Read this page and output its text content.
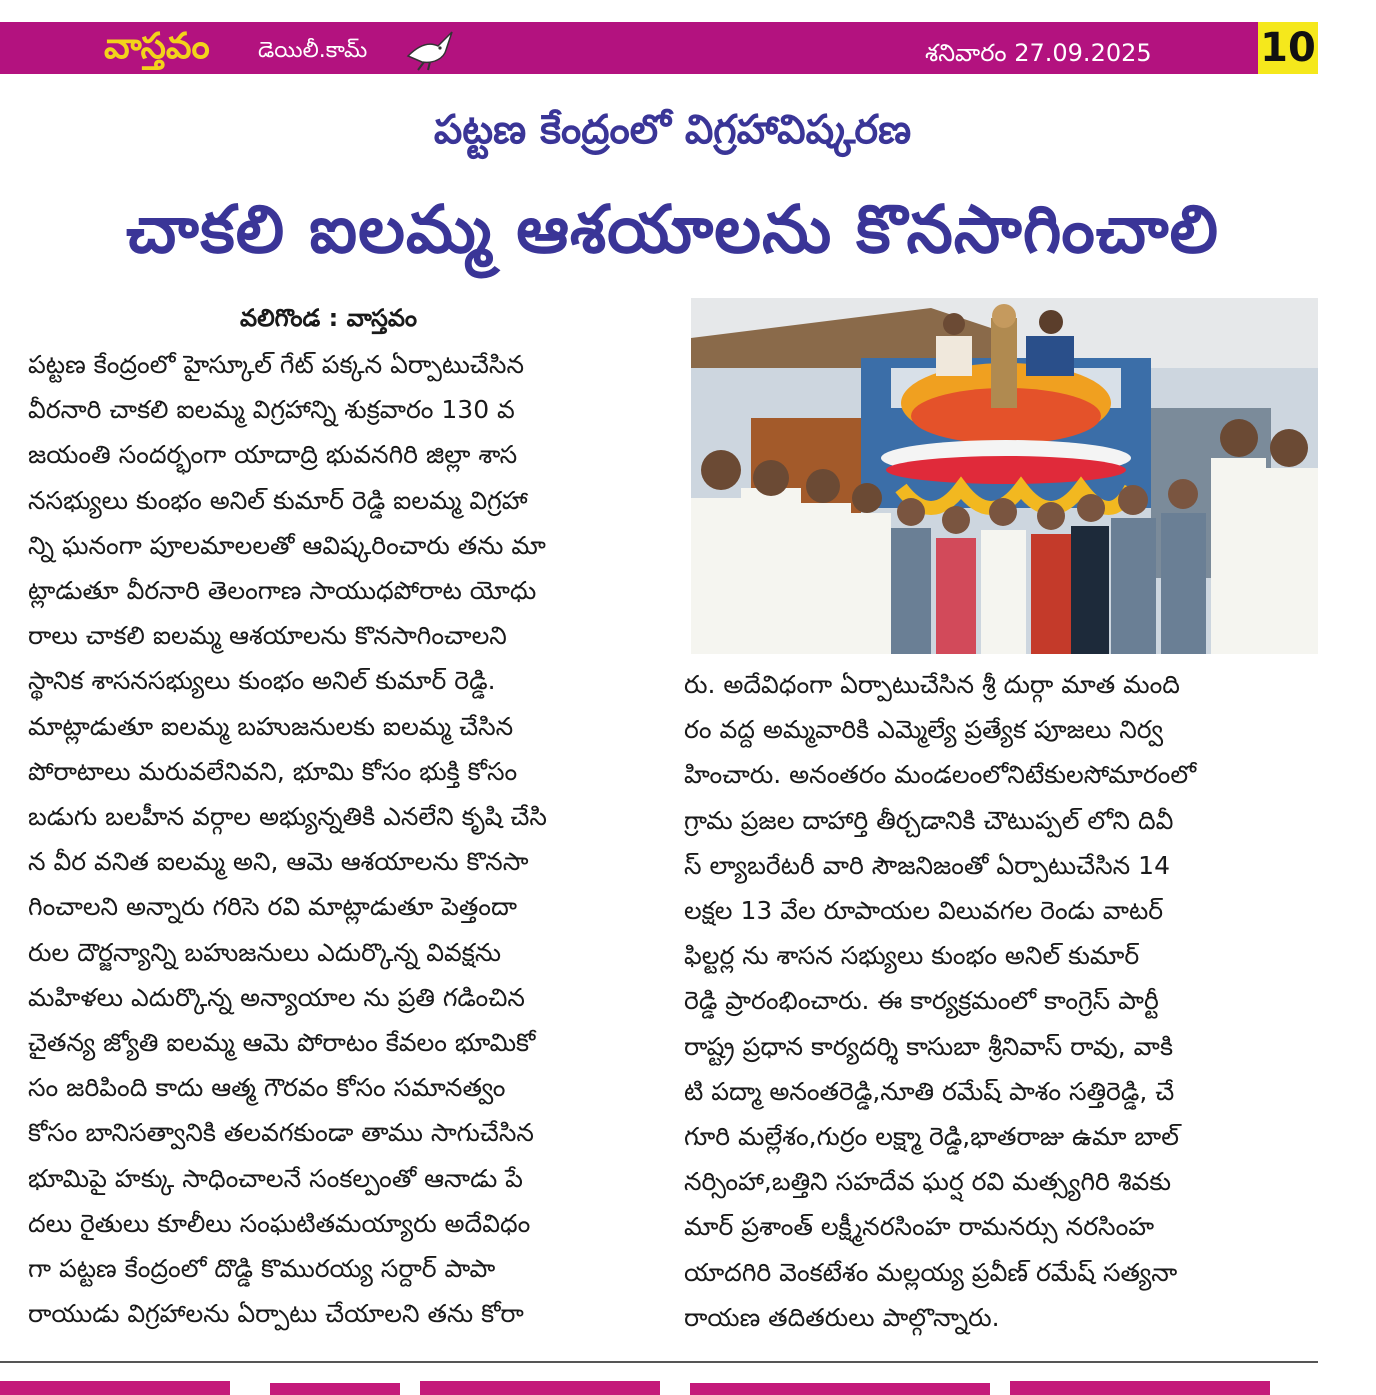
వాస్తవం డెయిలీ.కామ్	శనివారం 27.09.2025	10
పట్టణ కేంద్రంలో విగ్రహావిష్కరణ
చాకలి ఐలమ్మ ఆశయాలను కొనసాగించాలి
వలిగొండ : వాస్తవం
పట్టణ కేంద్రంలో హైస్కూల్ గేట్ పక్కన ఏర్పాటుచేసిన
వీరనారి చాకలి ఐలమ్మ విగ్రహాన్ని శుక్రవారం 130 వ
జయంతి సందర్భంగా యాదాద్రి భువనగిరి జిల్లా శాస
నసభ్యులు కుంభం అనిల్ కుమార్ రెడ్డి ఐలమ్మ విగ్రహా
న్ని ఘనంగా పూలమాలలతో ఆవిష్కరించారు తను మా
ట్లాడుతూ వీరనారి తెలంగాణ సాయుధపోరాట యోధు
రాలు చాకలి ఐలమ్మ ఆశయాలను కొనసాగించాలని
స్థానిక శాసనసభ్యులు కుంభం అనిల్ కుమార్ రెడ్డి.
మాట్లాడుతూ ఐలమ్మ బహుజనులకు ఐలమ్మ చేసిన
పోరాటాలు మరువలేనివని, భూమి కోసం భుక్తి కోసం
బడుగు బలహీన వర్గాల అభ్యున్నతికి ఎనలేని కృషి చేసి
న వీర వనిత ఐలమ్మ అని, ఆమె ఆశయాలను కొనసా
గించాలని అన్నారు గరిసె రవి మాట్లాడుతూ పెత్తందా
రుల దౌర్జన్యాన్ని బహుజనులు ఎదుర్కొన్న వివక్షను
మహిళలు ఎదుర్కొన్న అన్యాయాల ను ప్రతి గడించిన
చైతన్య జ్యోతి ఐలమ్మ ఆమె పోరాటం కేవలం భూమికో
సం జరిపింది కాదు ఆత్మ గౌరవం కోసం సమానత్వం
కోసం బానిసత్వానికి తలవగకుండా తాము సాగుచేసిన
భూమిపై హక్కు సాధించాలనే సంకల్పంతో ఆనాడు పే
దలు రైతులు కూలీలు సంఘటితమయ్యారు అదేవిధం
గా పట్టణ కేంద్రంలో దొడ్డి కొమురయ్య సర్దార్ పాపా
రాయుడు విగ్రహాలను ఏర్పాటు చేయాలని తను కోరా
రు. అదేవిధంగా ఏర్పాటుచేసిన శ్రీ దుర్గా మాత మంది
రం వద్ద అమ్మవారికి ఎమ్మెల్యే ప్రత్యేక పూజలు నిర్వ
హించారు. అనంతరం మండలంలోనిటేకులసోమారంలో
గ్రామ ప్రజల దాహార్తి తీర్చడానికి చౌటుప్పల్ లోని దివీ
స్ ల్యాబరేటరీ వారి సౌజనిజంతో ఏర్పాటుచేసిన 14
లక్షల 13 వేల రూపాయల విలువగల రెండు వాటర్
ఫిల్టర్ల ను శాసన సభ్యులు కుంభం అనిల్ కుమార్
రెడ్డి ప్రారంభించారు. ఈ కార్యక్రమంలో కాంగ్రెస్ పార్టీ
రాష్ట్ర ప్రధాన కార్యదర్శి కాసుబా శ్రీనివాస్ రావు, వాకి
టి పద్మా అనంతరెడ్డి,నూతి రమేష్ పాశం సత్తిరెడ్డి, చే
గూరి మల్లేశం,గుర్రం లక్ష్మా రెడ్డి,భాతరాజు ఉమా బాల్
నర్సింహా,బత్తిని సహదేవ ఘర్ష రవి మత్స్యగిరి శివకు
మార్ ప్రశాంత్ లక్ష్మీనరసింహ రామనర్సు నరసింహ
యాదగిరి వెంకటేశం మల్లయ్య ప్రవీణ్ రమేష్ సత్యనా
రాయణ తదితరులు పాల్గొన్నారు.
